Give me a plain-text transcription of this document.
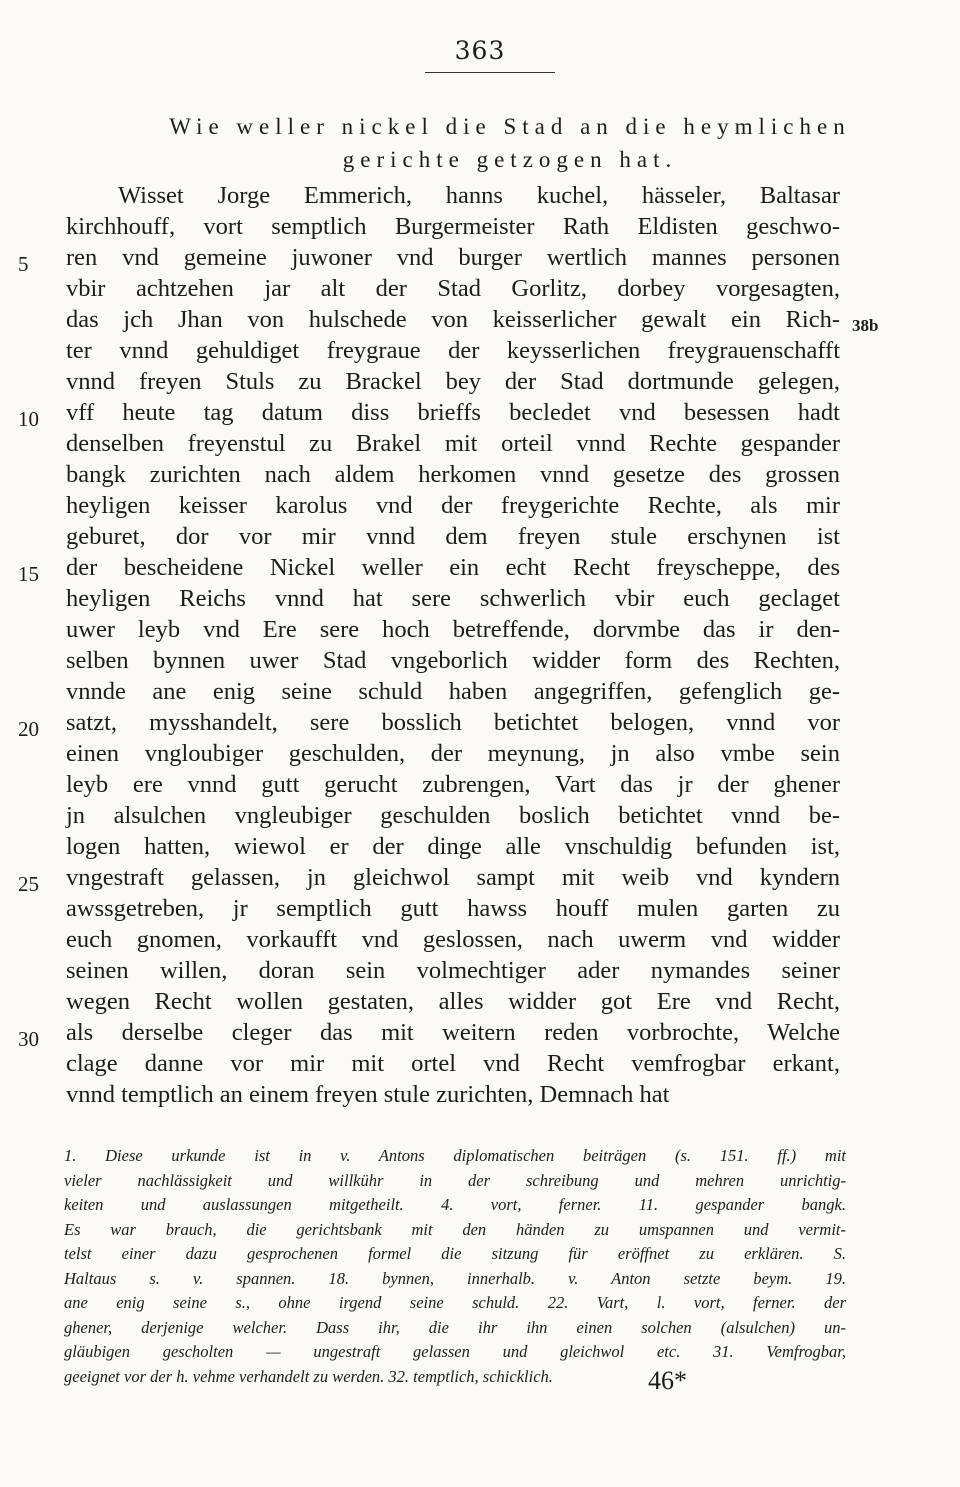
363
Wie weller nickel die Stad an die heymlichen
gerichte getzogen hat.
38b
5
10
15
20
25
30
Wisset Jorge Emmerich, hanns kuchel, hässeler, Baltasar
kirchhouff, vort semptlich Burgermeister Rath Eldisten geschwo-
ren vnd gemeine juwoner vnd burger wertlich mannes personen
vbir achtzehen jar alt der Stad Gorlitz, dorbey vorgesagten,
das jch Jhan von hulschede von keisserlicher gewalt ein Rich-
ter vnnd gehuldiget freygraue der keysserlichen freygrauenschafft
vnnd freyen Stuls zu Brackel bey der Stad dortmunde gelegen,
vff heute tag datum diss brieffs becledet vnd besessen hadt
denselben freyenstul zu Brakel mit orteil vnnd Rechte gespander
bangk zurichten nach aldem herkomen vnnd gesetze des grossen
heyligen keisser karolus vnd der freygerichte Rechte, als mir
geburet, dor vor mir vnnd dem freyen stule erschynen ist
der bescheidene Nickel weller ein echt Recht freyscheppe, des
heyligen Reichs vnnd hat sere schwerlich vbir euch geclaget
uwer leyb vnd Ere sere hoch betreffende, dorvmbe das ir den-
selben bynnen uwer Stad vngeborlich widder form des Rechten,
vnnde ane enig seine schuld haben angegriffen, gefenglich ge-
satzt, mysshandelt, sere bosslich betichtet belogen, vnnd vor
einen vngloubiger geschulden, der meynung, jn also vmbe sein
leyb ere vnnd gutt gerucht zubrengen, Vart das jr der ghener
jn alsulchen vngleubiger geschulden boslich betichtet vnnd be-
logen hatten, wiewol er der dinge alle vnschuldig befunden ist,
vngestraft gelassen, jn gleichwol sampt mit weib vnd kyndern
awssgetreben, jr semptlich gutt hawss houff mulen garten zu
euch gnomen, vorkaufft vnd geslossen, nach uwerm vnd widder
seinen willen, doran sein volmechtiger ader nymandes seiner
wegen Recht wollen gestaten, alles widder got Ere vnd Recht,
als derselbe cleger das mit weitern reden vorbrochte, Welche
clage danne vor mir mit ortel vnd Recht vemfrogbar erkant,
vnnd temptlich an einem freyen stule zurichten, Demnach hat
1. Diese urkunde ist in v. Antons diplomatischen beiträgen (s. 151. ff.) mit
vieler nachlässigkeit und willkühr in der schreibung und mehren unrichtig-
keiten und auslassungen mitgetheilt. 4. vort, ferner. 11. gespander bangk.
Es war brauch, die gerichtsbank mit den händen zu umspannen und vermit-
telst einer dazu gesprochenen formel die sitzung für eröffnet zu erklären. S.
Haltaus s. v. spannen. 18. bynnen, innerhalb. v. Anton setzte beym. 19.
ane enig seine s., ohne irgend seine schuld. 22. Vart, l. vort, ferner. der
ghener, derjenige welcher. Dass ihr, die ihr ihn einen solchen (alsulchen) un-
gläubigen gescholten — ungestraft gelassen und gleichwol etc. 31. Vemfrogbar,
geeignet vor der h. vehme verhandelt zu werden. 32. temptlich, schicklich.	46*
